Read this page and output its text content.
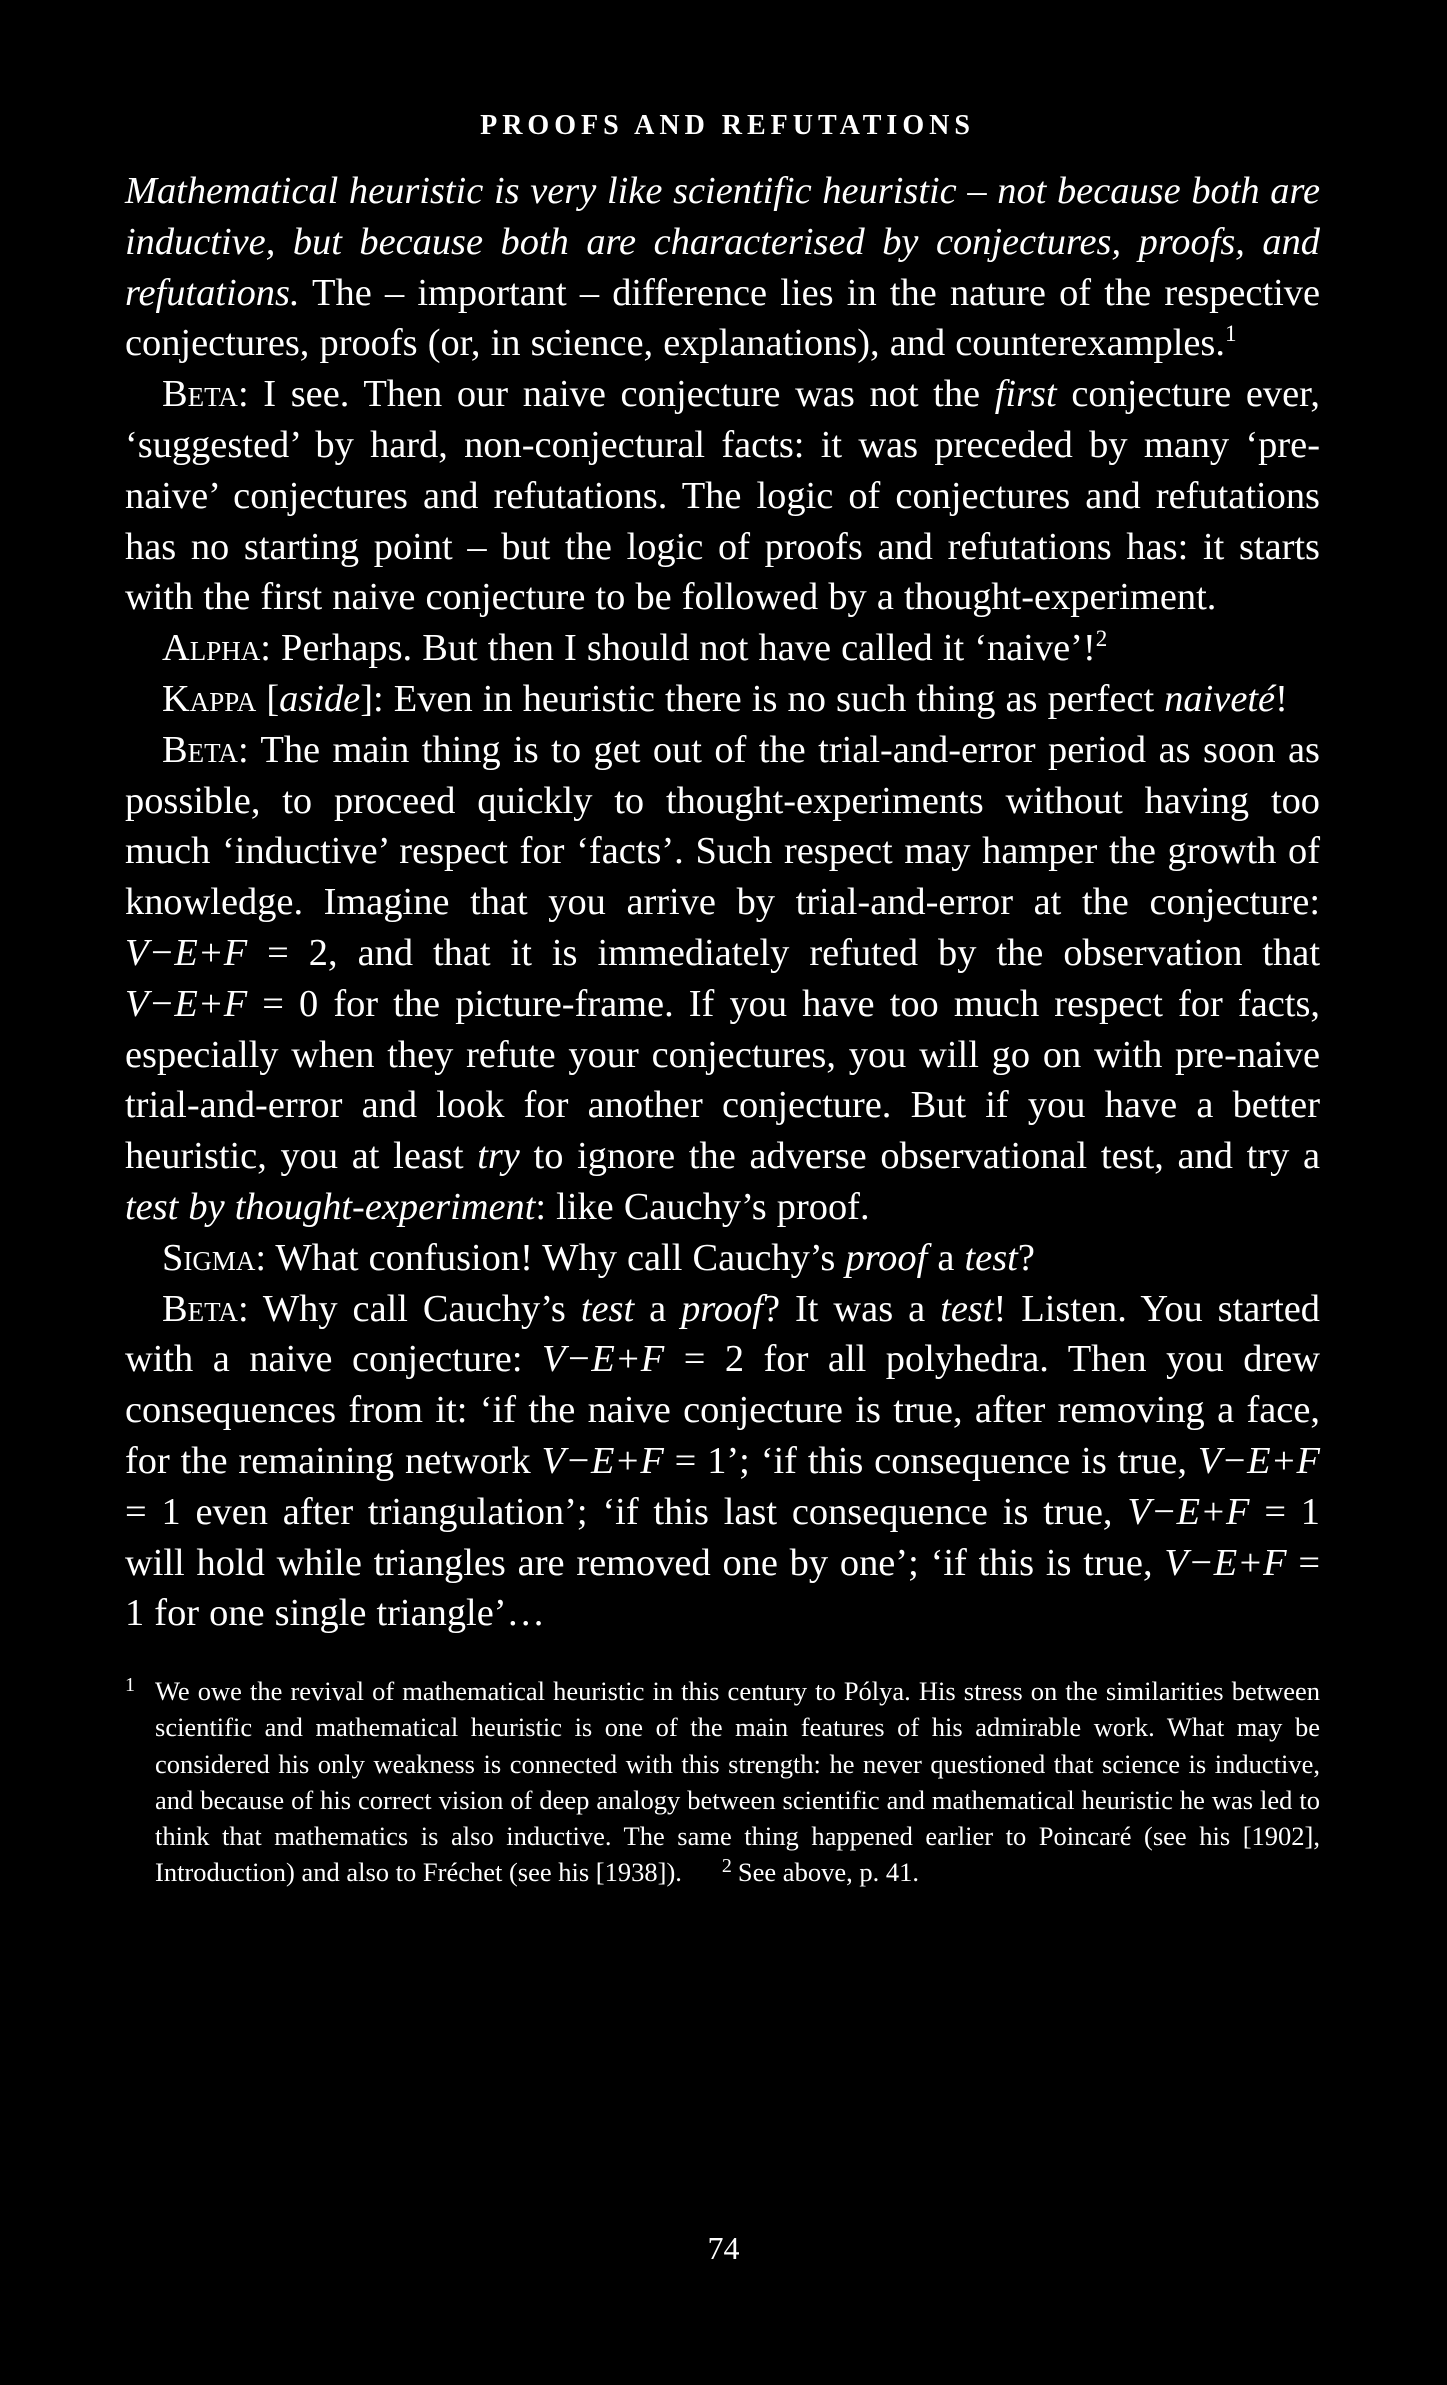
PROOFS AND REFUTATIONS

Mathematical heuristic is very like scientific heuristic – not because both are inductive, but because both are characterised by conjectures, proofs, and refutations. The – important – difference lies in the nature of the respective conjectures, proofs (or, in science, explanations), and counterexamples.$^1$

Beta: I see. Then our naive conjecture was not the first conjecture ever, ‘suggested’ by hard, non-conjectural facts: it was preceded by many ‘pre-naive’ conjectures and refutations. The logic of conjectures and refutations has no starting point – but the logic of proofs and refutations has: it starts with the first naive conjecture to be followed by a thought-experiment.

Alpha: Perhaps. But then I should not have called it ‘naive’!$^2$

Kappa [aside]: Even in heuristic there is no such thing as perfect naiveté!

Beta: The main thing is to get out of the trial-and-error period as soon as possible, to proceed quickly to thought-experiments without having too much ‘inductive’ respect for ‘facts’. Such respect may hamper the growth of knowledge. Imagine that you arrive by trial-and-error at the conjecture: V−E+F = 2, and that it is immediately refuted by the observation that V−E+F = 0 for the picture-frame. If you have too much respect for facts, especially when they refute your conjectures, you will go on with pre-naive trial-and-error and look for another conjecture. But if you have a better heuristic, you at least try to ignore the adverse observational test, and try a test by thought-experiment: like Cauchy’s proof.

Sigma: What confusion! Why call Cauchy’s proof a test?

Beta: Why call Cauchy’s test a proof? It was a test! Listen. You started with a naive conjecture: V−E+F = 2 for all polyhedra. Then you drew consequences from it: ‘if the naive conjecture is true, after removing a face, for the remaining network V−E+F = 1’; ‘if this consequence is true, V−E+F = 1 even after triangulation’; ‘if this last consequence is true, V−E+F = 1 will hold while triangles are removed one by one’; ‘if this is true, V−E+F = 1 for one single triangle’…

1 We owe the revival of mathematical heuristic in this century to Pólya. His stress on the similarities between scientific and mathematical heuristic is one of the main features of his admirable work. What may be considered his only weakness is connected with this strength: he never questioned that science is inductive, and because of his correct vision of deep analogy between scientific and mathematical heuristic he was led to think that mathematics is also inductive. The same thing happened earlier to Poincaré (see his [1902], Introduction) and also to Fréchet (see his [1938]). $^2$ See above, p. 41.
74
